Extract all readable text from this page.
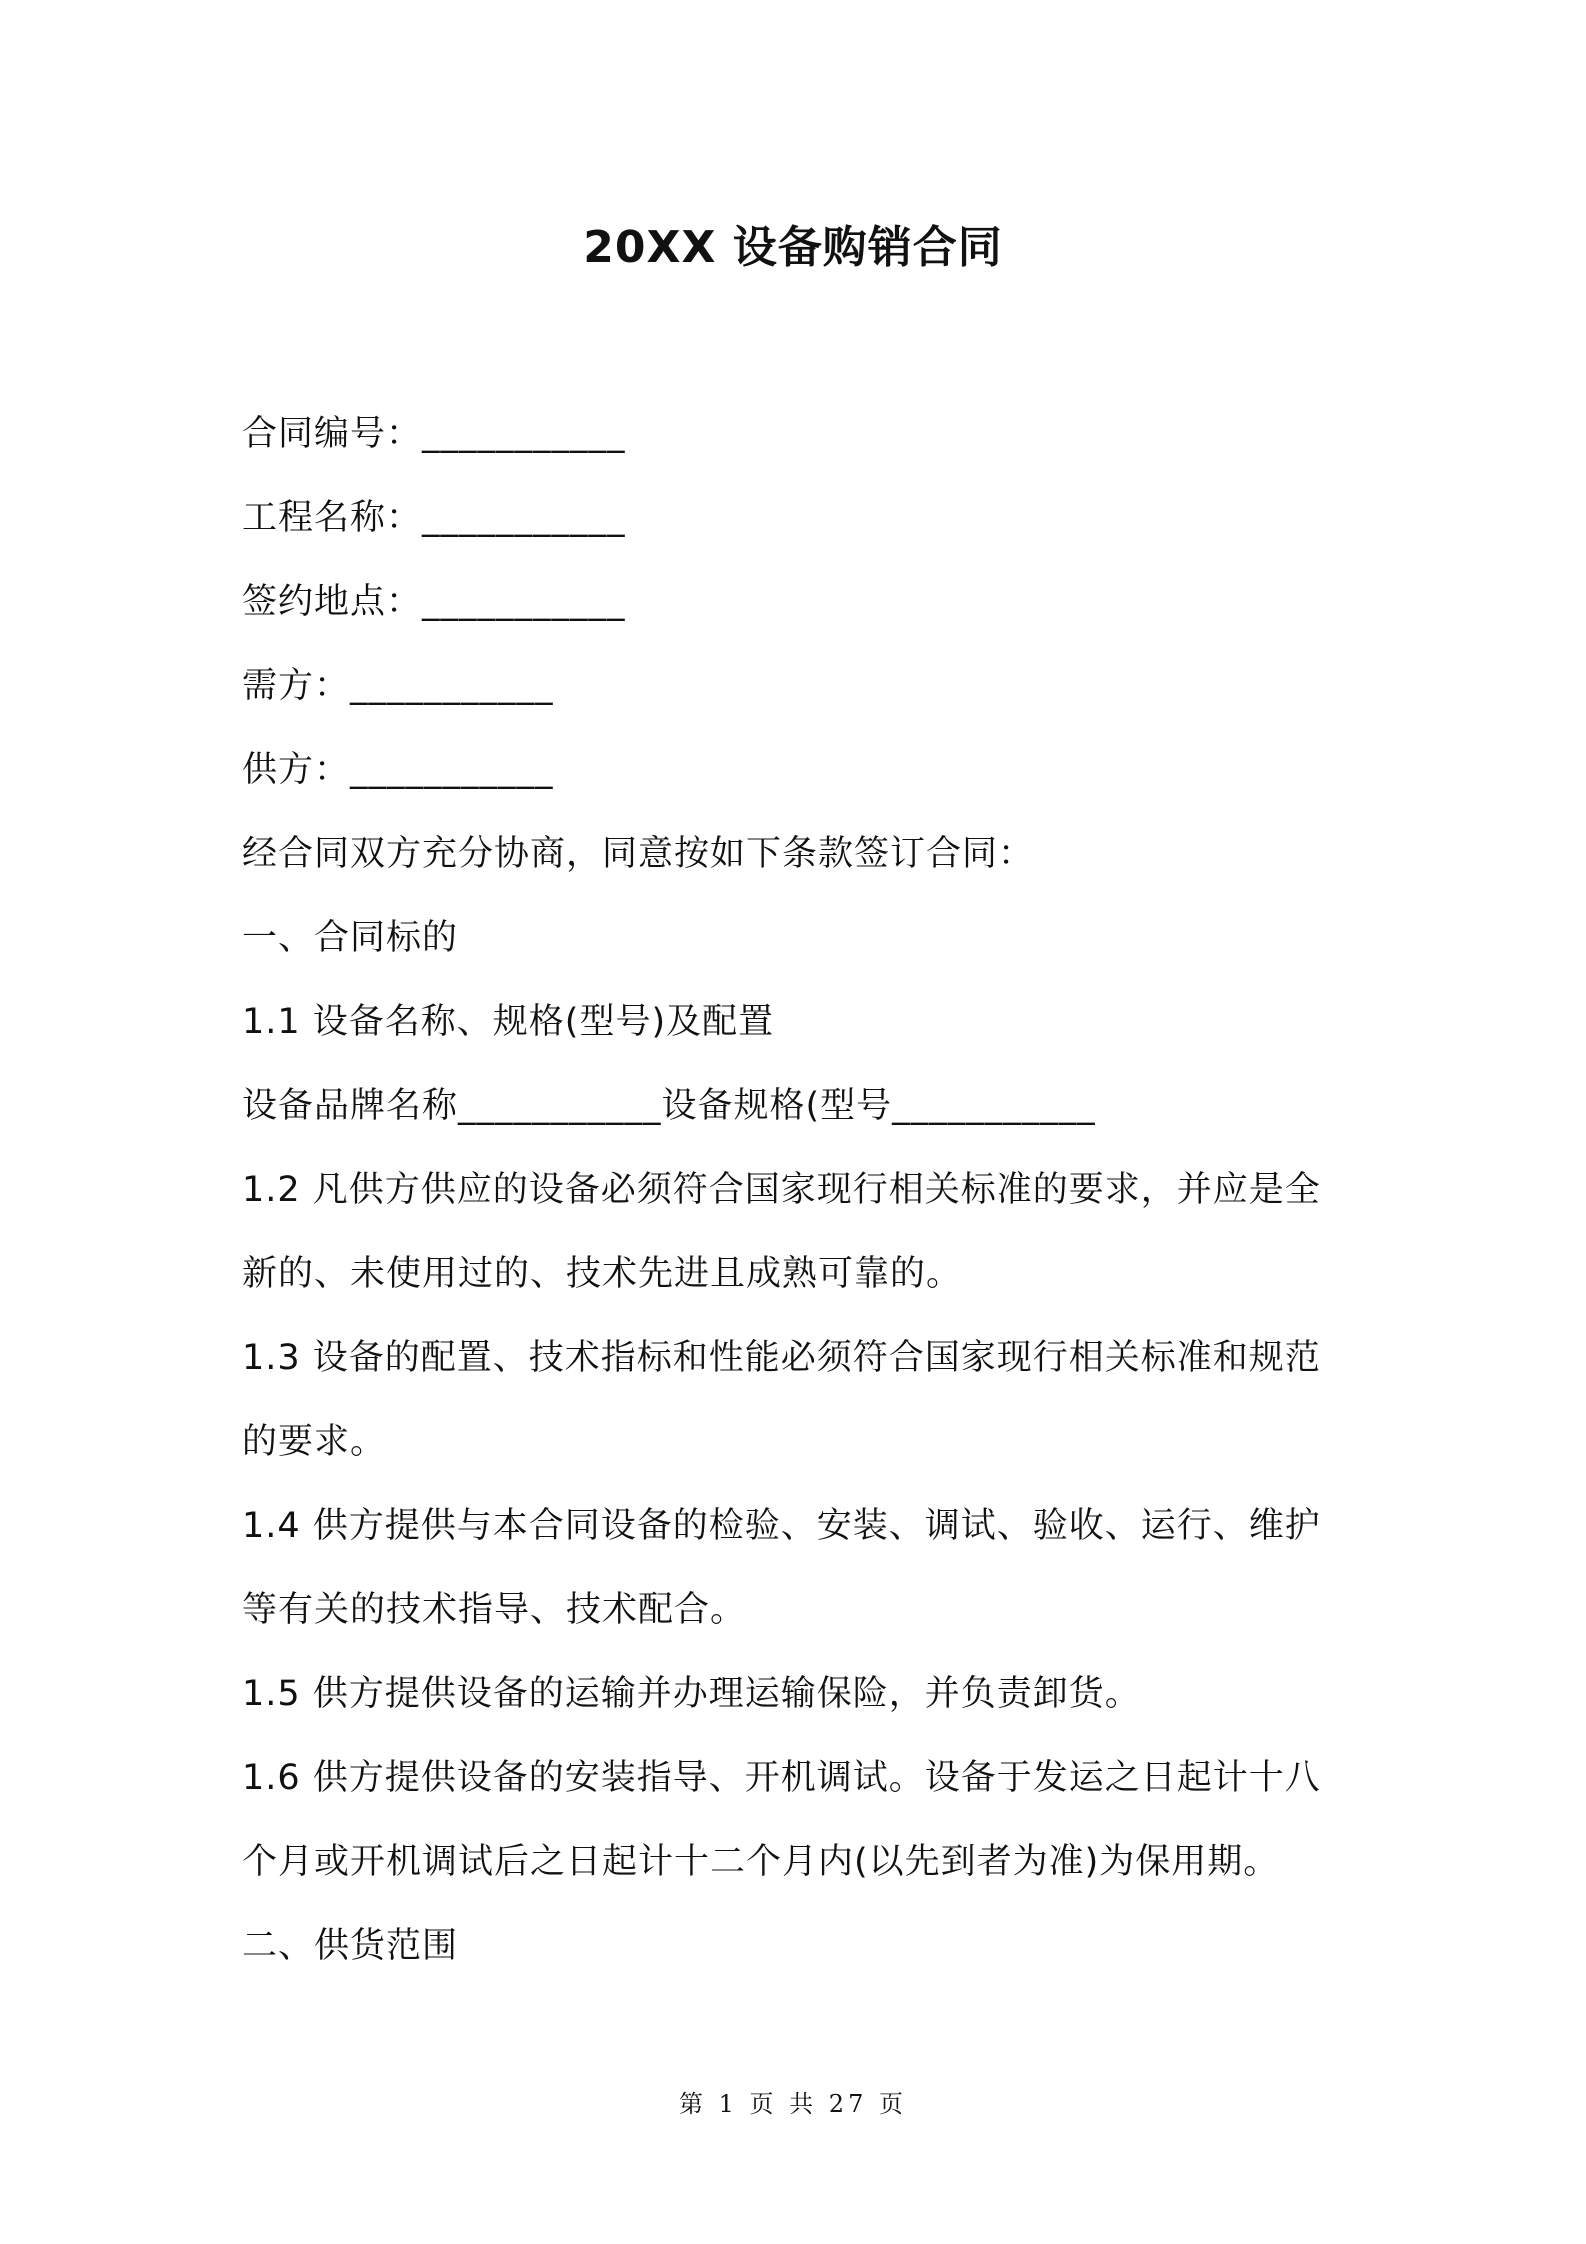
20XX 设备购销合同
合同编号：___________
工程名称：___________
签约地点：___________
需方：___________
供方：___________
经合同双方充分协商，同意按如下条款签订合同：
一、合同标的
1.1 设备名称、规格(型号)及配置
设备品牌名称___________设备规格(型号___________
1.2 凡供方供应的设备必须符合国家现行相关标准的要求，并应是全
新的、未使用过的、技术先进且成熟可靠的。
1.3 设备的配置、技术指标和性能必须符合国家现行相关标准和规范
的要求。
1.4 供方提供与本合同设备的检验、安装、调试、验收、运行、维护
等有关的技术指导、技术配合。
1.5 供方提供设备的运输并办理运输保险，并负责卸货。
1.6 供方提供设备的安装指导、开机调试。设备于发运之日起计十八
个月或开机调试后之日起计十二个月内(以先到者为准)为保用期。
二、供货范围
第 1 页 共 27 页
